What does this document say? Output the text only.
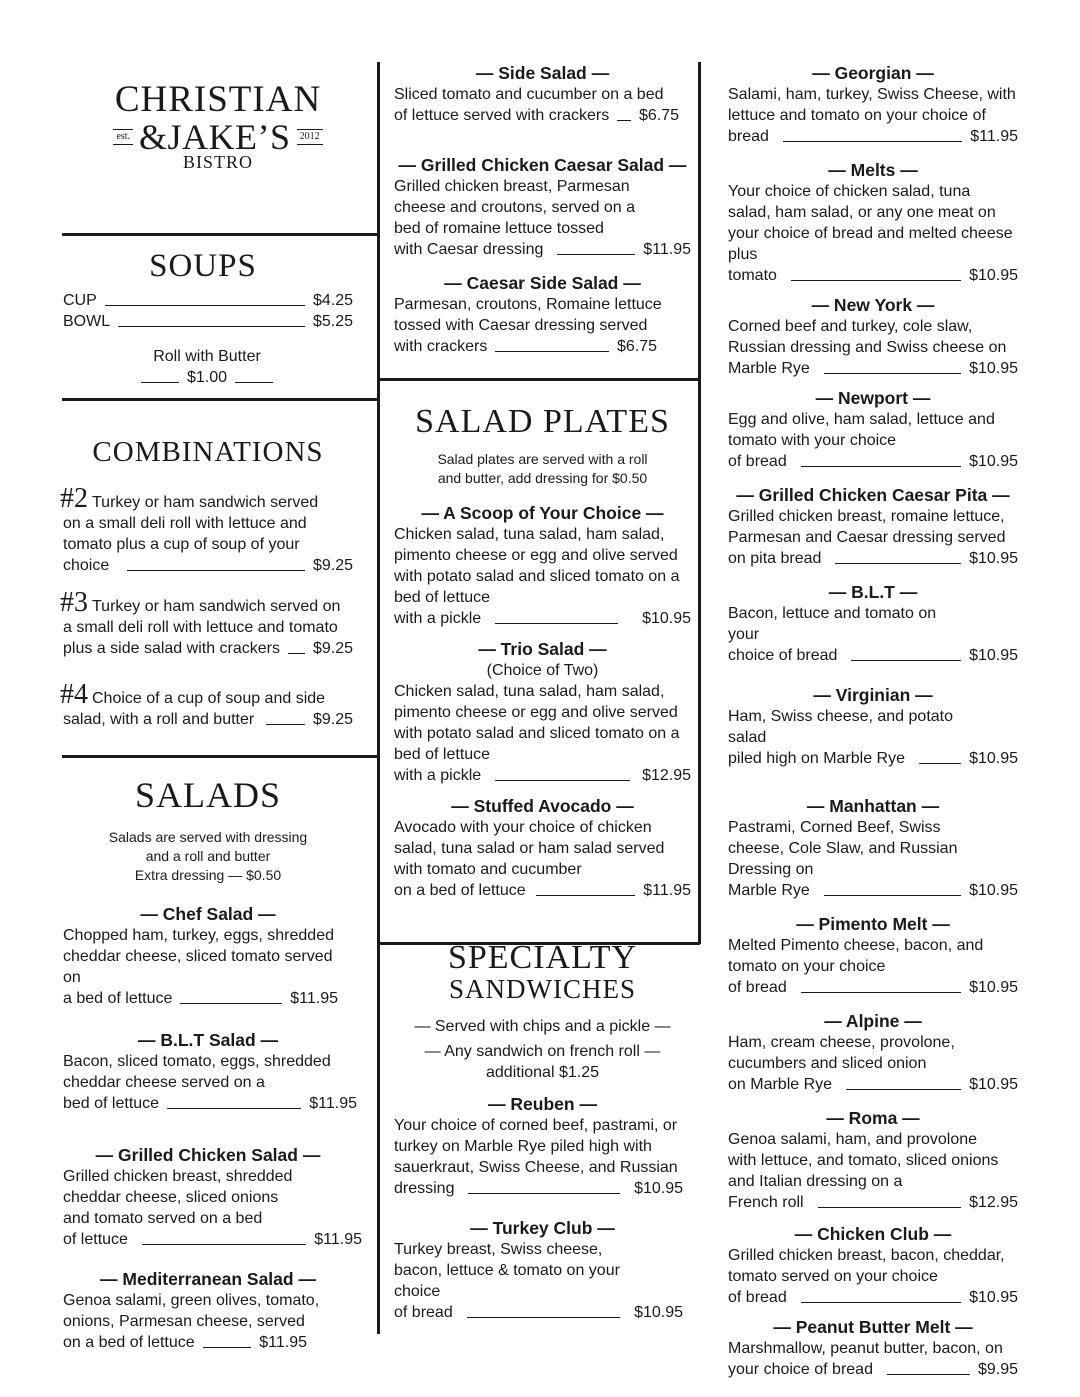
CHRISTIAN
est. &JAKE’S 2012
BISTRO
SOUPS
CUP	$4.25
BOWL	$5.25
Roll with Butter
$1.00
COMBINATIONS
#2 Turkey or ham sandwich served
on a small deli roll with lettuce and tomato plus a cup of soup of your
choice	$9.25
#3 Turkey or ham sandwich served on
a small deli roll with lettuce and tomato
plus a side salad with crackers $9.25
#4 Choice of a cup of soup and side
salad, with a roll and butter	$9.25
SALADS
Salads are served with dressing
and a roll and butter
Extra dressing — $0.50
— Chef Salad —
Chopped ham, turkey, eggs, shredded cheddar cheese, sliced tomato served on
a bed of lettuce	$11.95
— B.L.T Salad —
Bacon, sliced tomato, eggs, shredded cheddar cheese served on a
bed of lettuce	$11.95
— Grilled Chicken Salad —
Grilled chicken breast, shredded cheddar cheese, sliced onions and tomato served on a bed
of lettuce	$11.95
— Mediterranean Salad —
Genoa salami, green olives, tomato, onions, Parmesan cheese, served
on a bed of lettuce	$11.95
— Side Salad —
Sliced tomato and cucumber on a bed
of lettuce served with crackers $6.75
— Grilled Chicken Caesar Salad —
Grilled chicken breast, Parmesan cheese and croutons, served on a bed of romaine lettuce tossed
with Caesar dressing	$11.95
— Caesar Side Salad —
Parmesan, croutons, Romaine lettuce tossed with Caesar dressing served
with crackers	$6.75
SALAD PLATES
Salad plates are served with a roll
and butter, add dressing for $0.50
— A Scoop of Your Choice —
Chicken salad, tuna salad, ham salad, pimento cheese or egg and olive served with potato salad and sliced tomato on a bed of lettuce
with a pickle	$10.95
— Trio Salad —
(Choice of Two)
Chicken salad, tuna salad, ham salad, pimento cheese or egg and olive served with potato salad and sliced tomato on a bed of lettuce
with a pickle	$12.95
— Stuffed Avocado —
Avocado with your choice of chicken salad, tuna salad or ham salad served with tomato and cucumber
on a bed of lettuce	$11.95
SPECIALTY
SANDWICHES
— Served with chips and a pickle —
— Any sandwich on french roll —
additional $1.25
— Reuben —
Your choice of corned beef, pastrami, or turkey on Marble Rye piled high with sauerkraut, Swiss Cheese, and Russian
dressing	$10.95
— Turkey Club —
Turkey breast, Swiss cheese, bacon, lettuce & tomato on your choice
of bread	$10.95
— Georgian —
Salami, ham, turkey, Swiss Cheese, with lettuce and tomato on your choice of
bread	$11.95
— Melts —
Your choice of chicken salad, tuna salad, ham salad, or any one meat on your choice of bread and melted cheese plus
tomato	$10.95
— New York —
Corned beef and turkey, cole slaw, Russian dressing and Swiss cheese on
Marble Rye	$10.95
— Newport —
Egg and olive, ham salad, lettuce and tomato with your choice
of bread	$10.95
— Grilled Chicken Caesar Pita —
Grilled chicken breast, romaine lettuce, Parmesan and Caesar dressing served
on pita bread	$10.95
— B.L.T —
Bacon, lettuce and tomato on your
choice of bread	$10.95
— Virginian —
Ham, Swiss cheese, and potato salad
piled high on Marble Rye	$10.95
— Manhattan —
Pastrami, Corned Beef, Swiss cheese, Cole Slaw, and Russian Dressing on
Marble Rye	$10.95
— Pimento Melt —
Melted Pimento cheese, bacon, and tomato on your choice
of bread	$10.95
— Alpine —
Ham, cream cheese, provolone, cucumbers and sliced onion
on Marble Rye	$10.95
— Roma —
Genoa salami, ham, and provolone with lettuce, and tomato, sliced onions and Italian dressing on a
French roll	$12.95
— Chicken Club —
Grilled chicken breast, bacon, cheddar, tomato served on your choice
of bread	$10.95
— Peanut Butter Melt —
Marshmallow, peanut butter, bacon, on
your choice of bread	$9.95
